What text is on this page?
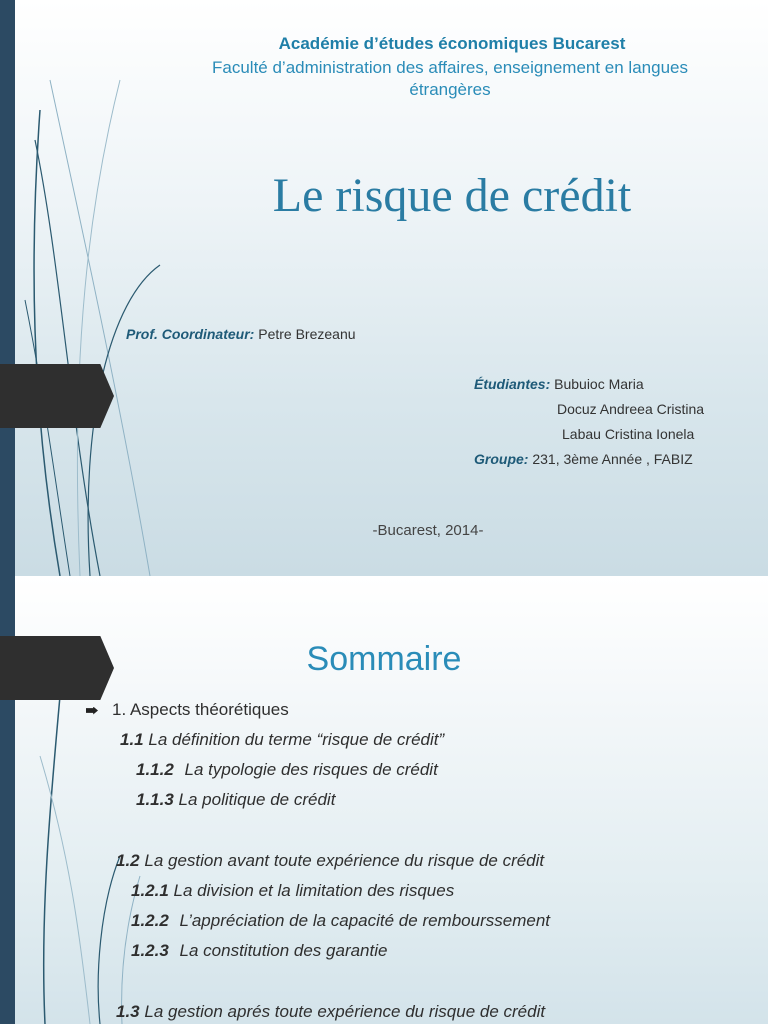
Académie d’études économiques Bucarest
Faculté d’administration des affaires, enseignement en langues étrangères
Le risque de crédit
Prof. Coordinateur: Petre Brezeanu
Étudiantes: Bubuioc Maria
Docuz Andreea Cristina
Labau Cristina Ionela
Groupe: 231, 3ème Année , FABIZ
-Bucarest, 2014-
Sommaire
1. Aspects théorétiques
1.1 La définition du terme “risque de crédit”
1.1.2 La typologie des risques de crédit
1.1.3 La politique de crédit
1.2 La gestion avant toute expérience du risque de crédit
1.2.1 La division et la limitation des risques
1.2.2 L’appréciation de la capacité de rembourssement
1.2.3 La constitution des garantie
1.3 La gestion aprés toute expérience du risque de crédit
